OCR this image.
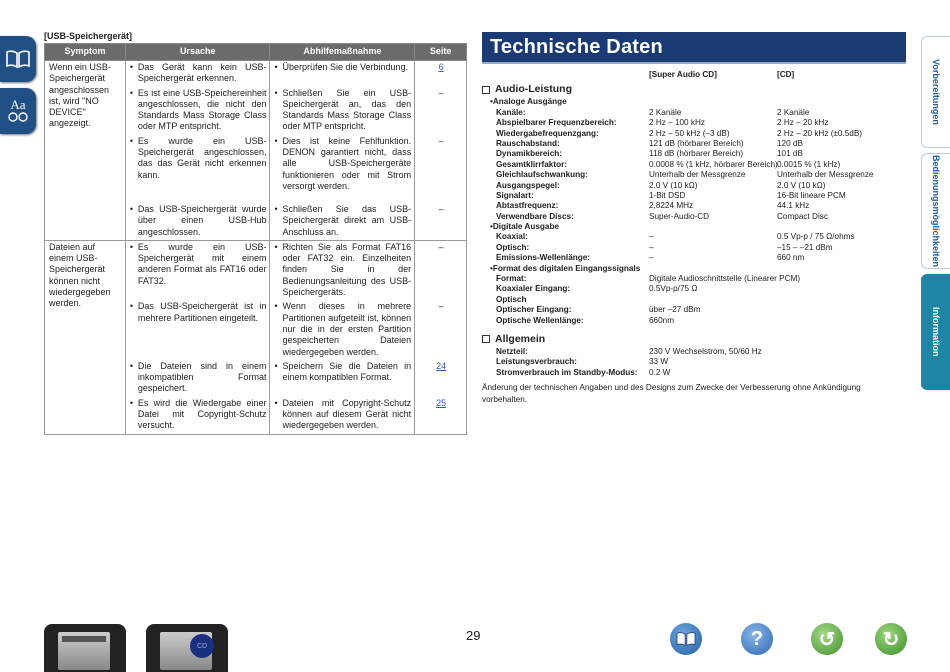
Aa

[USB-Speichergerät]
Symptom	Ursache	Abhilfemaßnahme	Seite
Wenn ein USB-Speichergerät angeschlossen ist, wird "NO DEVICE" angezeigt.	• Das Gerät kann kein USB-Speichergerät erkennen.	• Überprüfen Sie die Verbindung.	6

	• Es ist eine USB-Speichereinheit angeschlossen, die nicht den Standards Mass Storage Class oder MTP entspricht.	• Schließen Sie ein USB-Speichergerät an, das den Standards Mass Storage Class oder MTP entspricht.	–

	• Es wurde ein USB-Speichergerät angeschlossen, das das Gerät nicht erkennen kann.	• Dies ist keine Fehlfunktion. DENON garantiert nicht, dass alle USB-Speichergeräte funktionieren oder mit Strom versorgt werden.	–

	• Das USB-Speichergerät wurde über einen USB-Hub angeschlossen.	• Schließen Sie das USB-Speichergerät direkt am USB-Anschluss an.	–
Dateien auf einem USB-Speichergerät können nicht wiedergegeben werden.	• Es wurde ein USB-Speichergerät mit einem anderen Format als FAT16 oder FAT32.	• Richten Sie als Format FAT16 oder FAT32 ein. Einzelheiten finden Sie in der Bedienungsanleitung des USB-Speichergeräts.	–

	• Das USB-Speichergerät ist in mehrere Partitionen eingeteilt.	• Wenn dieses in mehrere Partitionen aufgeteilt ist, können nur die in der ersten Partition gespeicherten Dateien wiedergegeben werden.	–

	• Die Dateien sind in einem inkompatiblen Format gespeichert.	• Speichern Sie die Dateien in einem kompatiblen Format.	24

	• Es wird die Wiedergabe einer Datei mit Copyright-Schutz versucht.	• Dateien mit Copyright-Schutz können auf diesem Gerät nicht wiedergegeben werden.	25
Technische Daten
[Super Audio CD]	[CD]
Audio-Leistung
• Analoge Ausgänge
Kanäle:	2 Kanäle	2 Kanäle
Abspielbarer Frequenzbereich:	2 Hz – 100 kHz	2 Hz – 20 kHz
Wiedergabefrequenzgang:	2 Hz – 50 kHz (–3 dB)	2 Hz – 20 kHz (±0.5dB)
Rauschabstand:	121 dB (hörbarer Bereich)	120 dB
Dynamikbereich:	118 dB (hörbarer Bereich)	101 dB
Gesamtklirrfaktor:	0.0008 % (1 kHz, hörbarer Bereich) 0.0015 % (1 kHz)
Gleichlaufschwankung:	Unterhalb der Messgrenze	Unterhalb der Messgrenze
Ausgangspegel:	2.0 V (10 kΩ)	2.0 V (10 kΩ)
Signalart:	1-Bit DSD	16-Bit lineare PCM
Abtastfrequenz:	2,8224 MHz	44.1 kHz
Verwendbare Discs:	Super-Audio-CD	Compact Disc
• Digitale Ausgabe
Koaxial:	–	0.5 Vp-p / 75 Ω/ohms
Optisch:	–	–15 – –21 dBm
Emissions-Wellenlänge:	–	660 nm
• Format des digitalen Eingangssignals
Format:	Digitale Audioschnittstelle (Linearer PCM)
Koaxialer Eingang:	0.5Vp-p/75 Ω
Optisch
Optischer Eingang:	über –27 dBm
Optische Wellenlänge:	660nm
Allgemein
Netzteil:	230 V Wechselstrom, 50/60 Hz
Leistungsverbrauch:	33 W
Stromverbrauch im Standby-Modus:	0.2 W
Änderung der technischen Angaben und des Designs zum Zwecke der Verbesserung ohne Ankündigung vorbehalten.
Vorbereitungen
Bedienungsmöglichkeiten
Information
29
CD	?	↺ ↻
